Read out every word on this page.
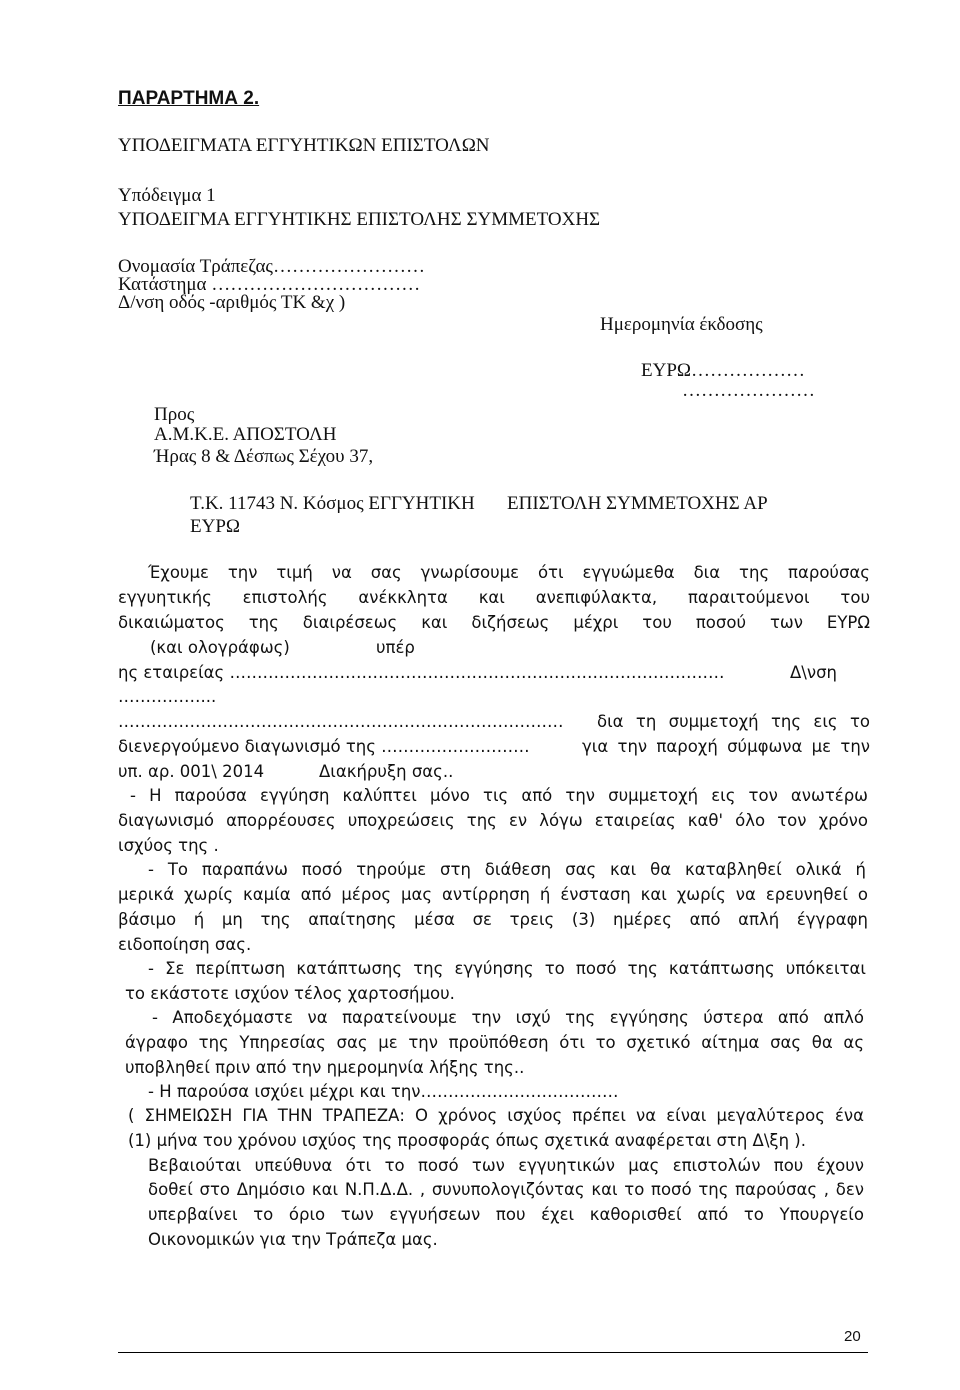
ΠΑΡΑΡΤΗΜΑ 2.
ΥΠΟΔΕΙΓΜΑΤΑ ΕΓΓΥΗΤΙΚΩΝ ΕΠΙΣΤΟΛΩΝ
Υπόδειγμα 1
ΥΠΟΔΕΙΓΜΑ ΕΓΓΥΗΤΙΚΗΣ ΕΠΙΣΤΟΛΗΣ ΣΥΜΜΕΤΟΧΗΣ
Ονομασία Τράπεζας……………………
Κατάστημα ……………………………
Δ/νση οδός -αριθμός ΤΚ &χ )
Ημερομηνία έκδοσης
ΕΥΡΩ………………
…………………
Προς
Α.Μ.Κ.Ε. ΑΠΟΣΤΟΛΗ
Ήρας 8 & Δέσπως Σέχου 37,
Τ.Κ. 11743 Ν. Κόσμος ΕΓΓΥΗΤΙΚΗ ΕΠΙΣΤΟΛΗ ΣΥΜΜΕΤΟΧΗΣ ΑΡ
ΕΥΡΩ
Έχουμε την τιμή να σας γνωρίσουμε ότι εγγυώμεθα δια της παρούσας
εγγυητικής επιστολής ανέκκλητα και ανεπιφύλακτα, παραιτούμενοι του
δικαιώματος της διαιρέσεως και διζήσεως μέχρι του ποσού των ΕΥΡΩ
(και ολογράφως)	υπέρ
ης εταιρείας ………………………………………………………………………………	Δ\νση
……………...
………………………………………………………………………	δια τη συμμετοχή της εις το
διενεργούμενο διαγωνισμό της ………………………	για την παροχή σύμφωνα με την
υπ. αρ. 001\ 2014	Διακήρυξη σας..
- Η παρούσα εγγύηση καλύπτει μόνο τις από την συμμετοχή εις τον ανωτέρω
διαγωνισμό απορρέουσες υποχρεώσεις της εν λόγω εταιρείας καθ' όλο τον χρόνο
ισχύος της .
- Το παραπάνω ποσό τηρούμε στη διάθεση σας και θα καταβληθεί ολικά ή
μερικά χωρίς καμία από μέρος μας αντίρρηση ή ένσταση και χωρίς να ερευνηθεί ο
βάσιμο ή μη της απαίτησης μέσα σε τρεις (3) ημέρες από απλή έγγραφη
ειδοποίηση σας.
- Σε περίπτωση κατάπτωσης της εγγύησης το ποσό της κατάπτωσης υπόκειται
το εκάστοτε ισχύον τέλος χαρτοσήμου.
- Αποδεχόμαστε να παρατείνουμε την ισχύ της εγγύησης ύστερα από απλό
άγραφο της Υπηρεσίας σας με την προϋπόθεση ότι το σχετικό αίτημα σας θα ας
υποβληθεί πριν από την ημερομηνία λήξης της..
- Η παρούσα ισχύει μέχρι και την………………………………
( ΣΗΜΕΙΩΣΗ ΓΙΑ ΤΗΝ ΤΡΑΠΕΖΑ: Ο χρόνος ισχύος πρέπει να είναι μεγαλύτερος ένα
(1) μήνα του χρόνου ισχύος της προσφοράς όπως σχετικά αναφέρεται στη Δ\ξη ).
Βεβαιούται υπεύθυνα ότι το ποσό των εγγυητικών μας επιστολών που έχουν
δοθεί στο Δημόσιο και Ν.Π.Δ.Δ. , συνυπολογιζόντας και το ποσό της παρούσας , δεν
υπερβαίνει το όριο των εγγυήσεων που έχει καθορισθεί από το Υπουργείο
Οικονομικών για την Τράπεζα μας.
20
